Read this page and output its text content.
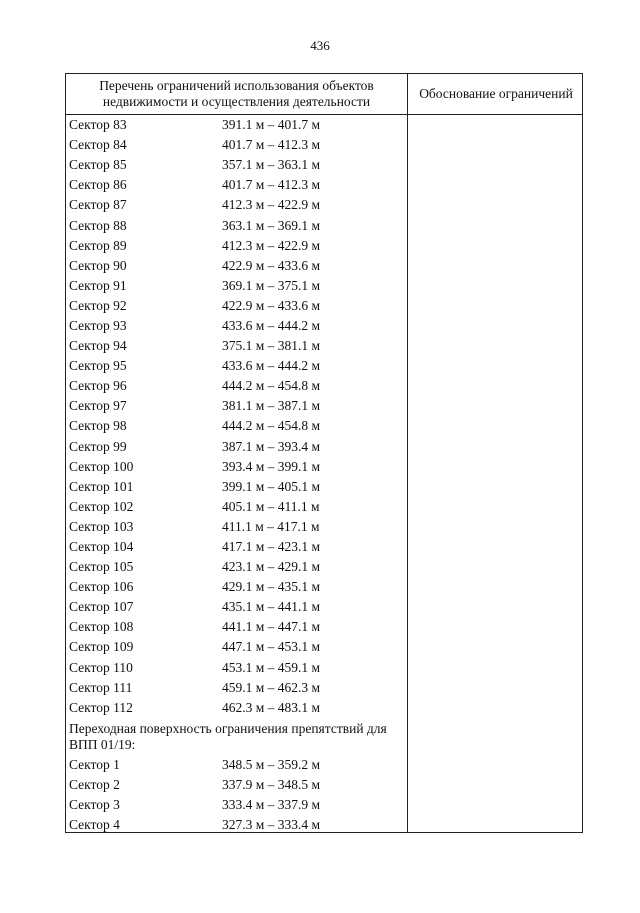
436
Перечень ограничений использования объектов
недвижимости и осуществления деятельности
Обоснование ограничений
Сектор 83	391.1 м – 401.7 м
Сектор 84	401.7 м – 412.3 м
Сектор 85	357.1 м – 363.1 м
Сектор 86	401.7 м – 412.3 м
Сектор 87	412.3 м – 422.9 м
Сектор 88	363.1 м – 369.1 м
Сектор 89	412.3 м – 422.9 м
Сектор 90	422.9 м – 433.6 м
Сектор 91	369.1 м – 375.1 м
Сектор 92	422.9 м – 433.6 м
Сектор 93	433.6 м – 444.2 м
Сектор 94	375.1 м – 381.1 м
Сектор 95	433.6 м – 444.2 м
Сектор 96	444.2 м – 454.8 м
Сектор 97	381.1 м – 387.1 м
Сектор 98	444.2 м – 454.8 м
Сектор 99	387.1 м – 393.4 м
Сектор 100	393.4 м – 399.1 м
Сектор 101	399.1 м – 405.1 м
Сектор 102	405.1 м – 411.1 м
Сектор 103	411.1 м – 417.1 м
Сектор 104	417.1 м – 423.1 м
Сектор 105	423.1 м – 429.1 м
Сектор 106	429.1 м – 435.1 м
Сектор 107	435.1 м – 441.1 м
Сектор 108	441.1 м – 447.1 м
Сектор 109	447.1 м – 453.1 м
Сектор 110	453.1 м – 459.1 м
Сектор 111	459.1 м – 462.3 м
Сектор 112	462.3 м – 483.1 м
Переходная поверхность ограничения препятствий для
ВПП 01/19:
Сектор 1	348.5 м – 359.2 м
Сектор 2	337.9 м – 348.5 м
Сектор 3	333.4 м – 337.9 м
Сектор 4	327.3 м – 333.4 м
